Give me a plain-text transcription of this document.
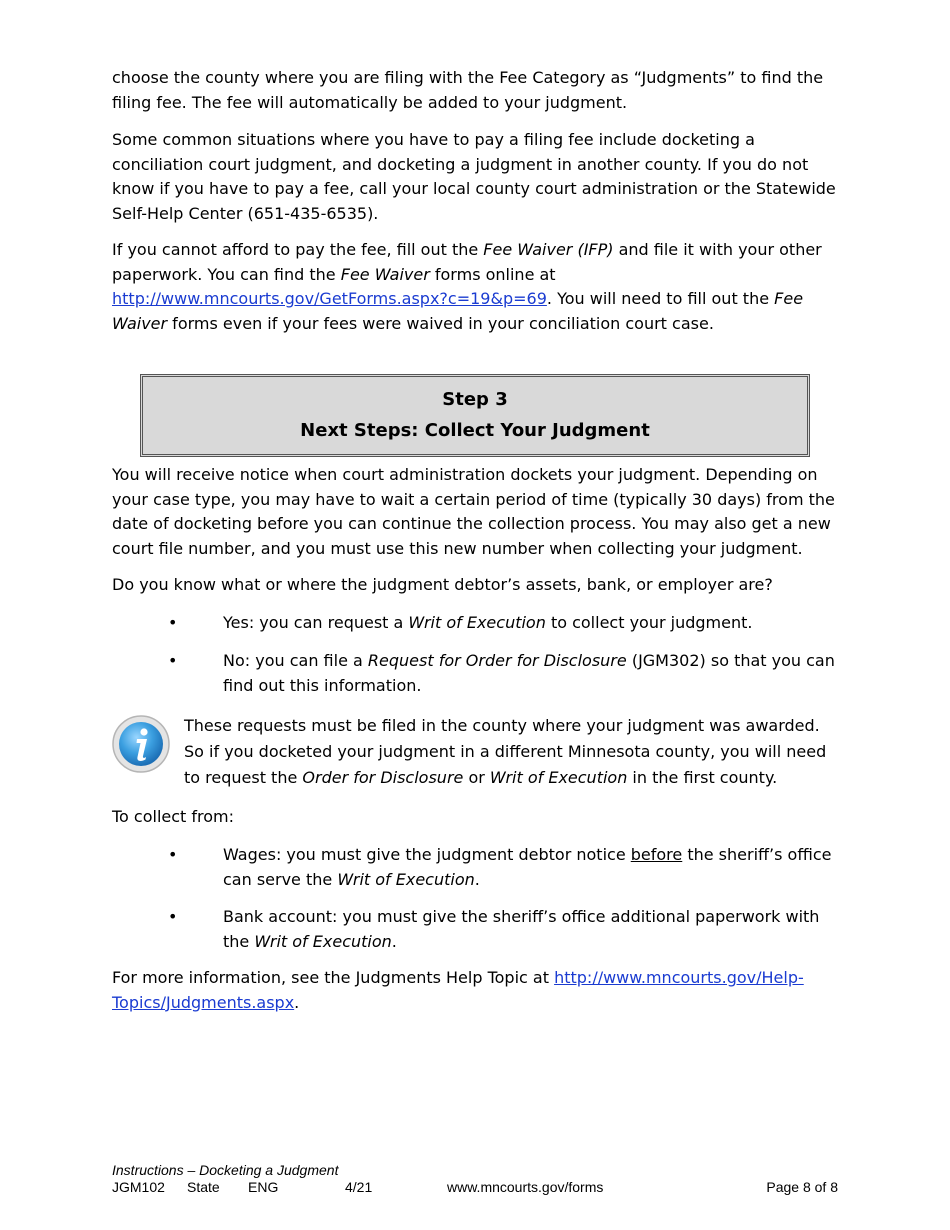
choose the county where you are filing with the Fee Category as “Judgments” to find the filing fee. The fee will automatically be added to your judgment.

Some common situations where you have to pay a filing fee include docketing a conciliation court judgment, and docketing a judgment in another county. If you do not know if you have to pay a fee, call your local county court administration or the Statewide Self-Help Center (651-435-6535).

If you cannot afford to pay the fee, fill out the Fee Waiver (IFP) and file it with your other paperwork. You can find the Fee Waiver forms online at http://www.mncourts.gov/GetForms.aspx?c=19&p=69. You will need to fill out the Fee Waiver forms even if your fees were waived in your conciliation court case.

Step 3
Next Steps: Collect Your Judgment

You will receive notice when court administration dockets your judgment. Depending on your case type, you may have to wait a certain period of time (typically 30 days) from the date of docketing before you can continue the collection process. You may also get a new court file number, and you must use this new number when collecting your judgment.

Do you know what or where the judgment debtor’s assets, bank, or employer are?

•	Yes: you can request a Writ of Execution to collect your judgment.

•	No: you can file a Request for Order for Disclosure (JGM302) so that you can find out this information.

These requests must be filed in the county where your judgment was awarded. So if you docketed your judgment in a different Minnesota county, you will need to request the Order for Disclosure or Writ of Execution in the first county.

To collect from:

•	Wages: you must give the judgment debtor notice before the sheriff’s office can serve the Writ of Execution.

•	Bank account: you must give the sheriff’s office additional paperwork with the Writ of Execution.

For more information, see the Judgments Help Topic at http://www.mncourts.gov/Help-Topics/Judgments.aspx.

Instructions – Docketing a Judgment
JGM102 State ENG	4/21	www.mncourts.gov/forms	Page 8 of 8
